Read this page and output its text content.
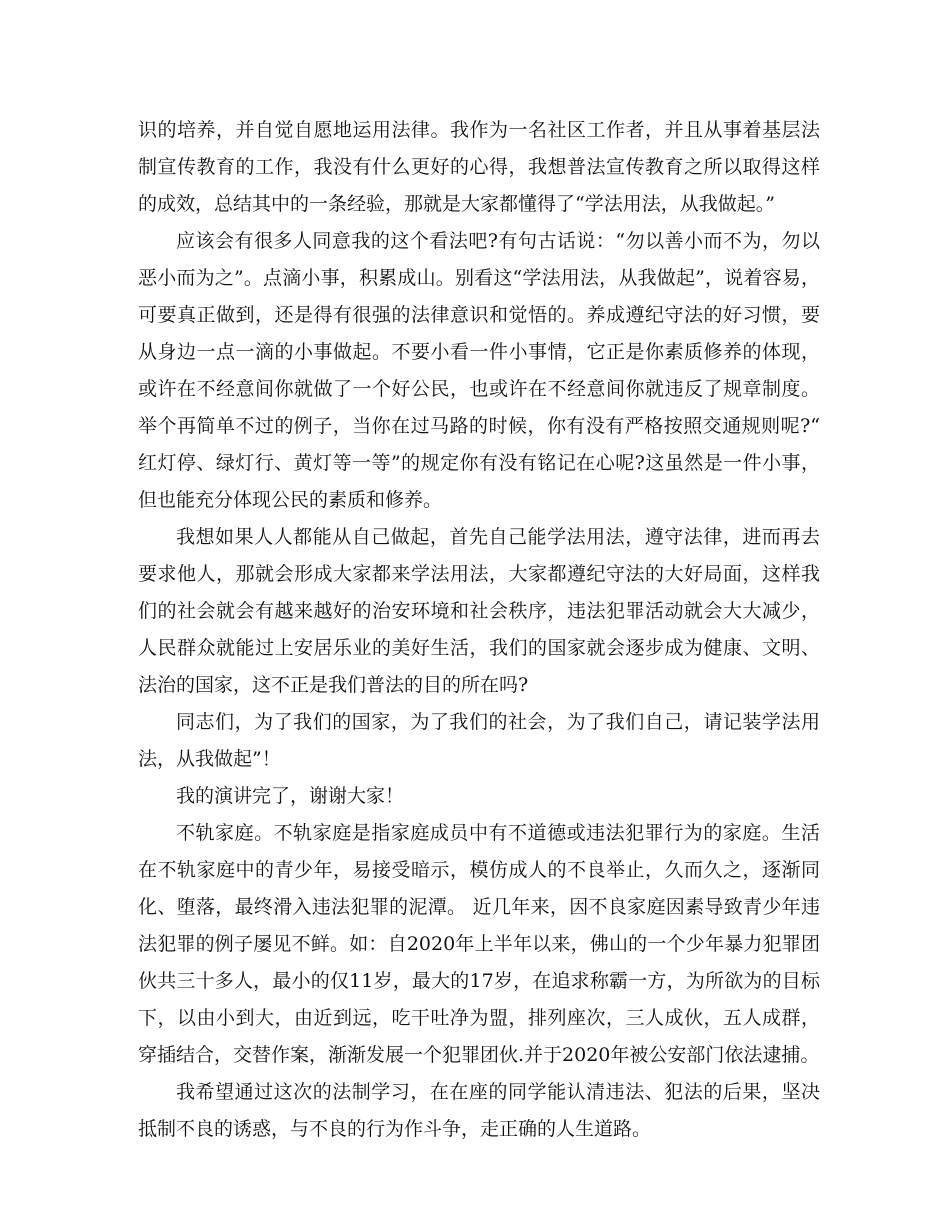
识的培养，并自觉自愿地运用法律。我作为一名社区工作者，并且从事着基层法制宣传教育的工作，我没有什么更好的心得，我想普法宣传教育之所以取得这样的成效，总结其中的一条经验，那就是大家都懂得了“学法用法，从我做起。”

应该会有很多人同意我的这个看法吧?有句古话说：“勿以善小而不为，勿以恶小而为之”。点滴小事，积累成山。别看这“学法用法，从我做起”，说着容易，可要真正做到，还是得有很强的法律意识和觉悟的。养成遵纪守法的好习惯，要从身边一点一滴的小事做起。不要小看一件小事情，它正是你素质修养的体现，或许在不经意间你就做了一个好公民，也或许在不经意间你就违反了规章制度。举个再简单不过的例子，当你在过马路的时候，你有没有严格按照交通规则呢?“红灯停、绿灯行、黄灯等一等”的规定你有没有铭记在心呢?这虽然是一件小事，但也能充分体现公民的素质和修养。

我想如果人人都能从自己做起，首先自己能学法用法，遵守法律，进而再去要求他人，那就会形成大家都来学法用法，大家都遵纪守法的大好局面，这样我们的社会就会有越来越好的治安环境和社会秩序，违法犯罪活动就会大大减少，人民群众就能过上安居乐业的美好生活，我们的国家就会逐步成为健康、文明、法治的国家，这不正是我们普法的目的所在吗?

同志们，为了我们的国家，为了我们的社会，为了我们自己，请记装学法用法，从我做起”！

我的演讲完了，谢谢大家！

不轨家庭。不轨家庭是指家庭成员中有不道德或违法犯罪行为的家庭。生活在不轨家庭中的青少年，易接受暗示，模仿成人的不良举止，久而久之，逐渐同化、堕落，最终滑入违法犯罪的泥潭。 近几年来，因不良家庭因素导致青少年违法犯罪的例子屡见不鲜。如：自2020年上半年以来，佛山的一个少年暴力犯罪团伙共三十多人，最小的仅11岁，最大的17岁，在追求称霸一方，为所欲为的目标下，以由小到大，由近到远，吃干吐净为盟，排列座次，三人成伙，五人成群，穿插结合，交替作案，渐渐发展一个犯罪团伙.并于2020年被公安部门依法逮捕。

我希望通过这次的法制学习，在在座的同学能认清违法、犯法的后果，坚决抵制不良的诱惑，与不良的行为作斗争，走正确的人生道路。
